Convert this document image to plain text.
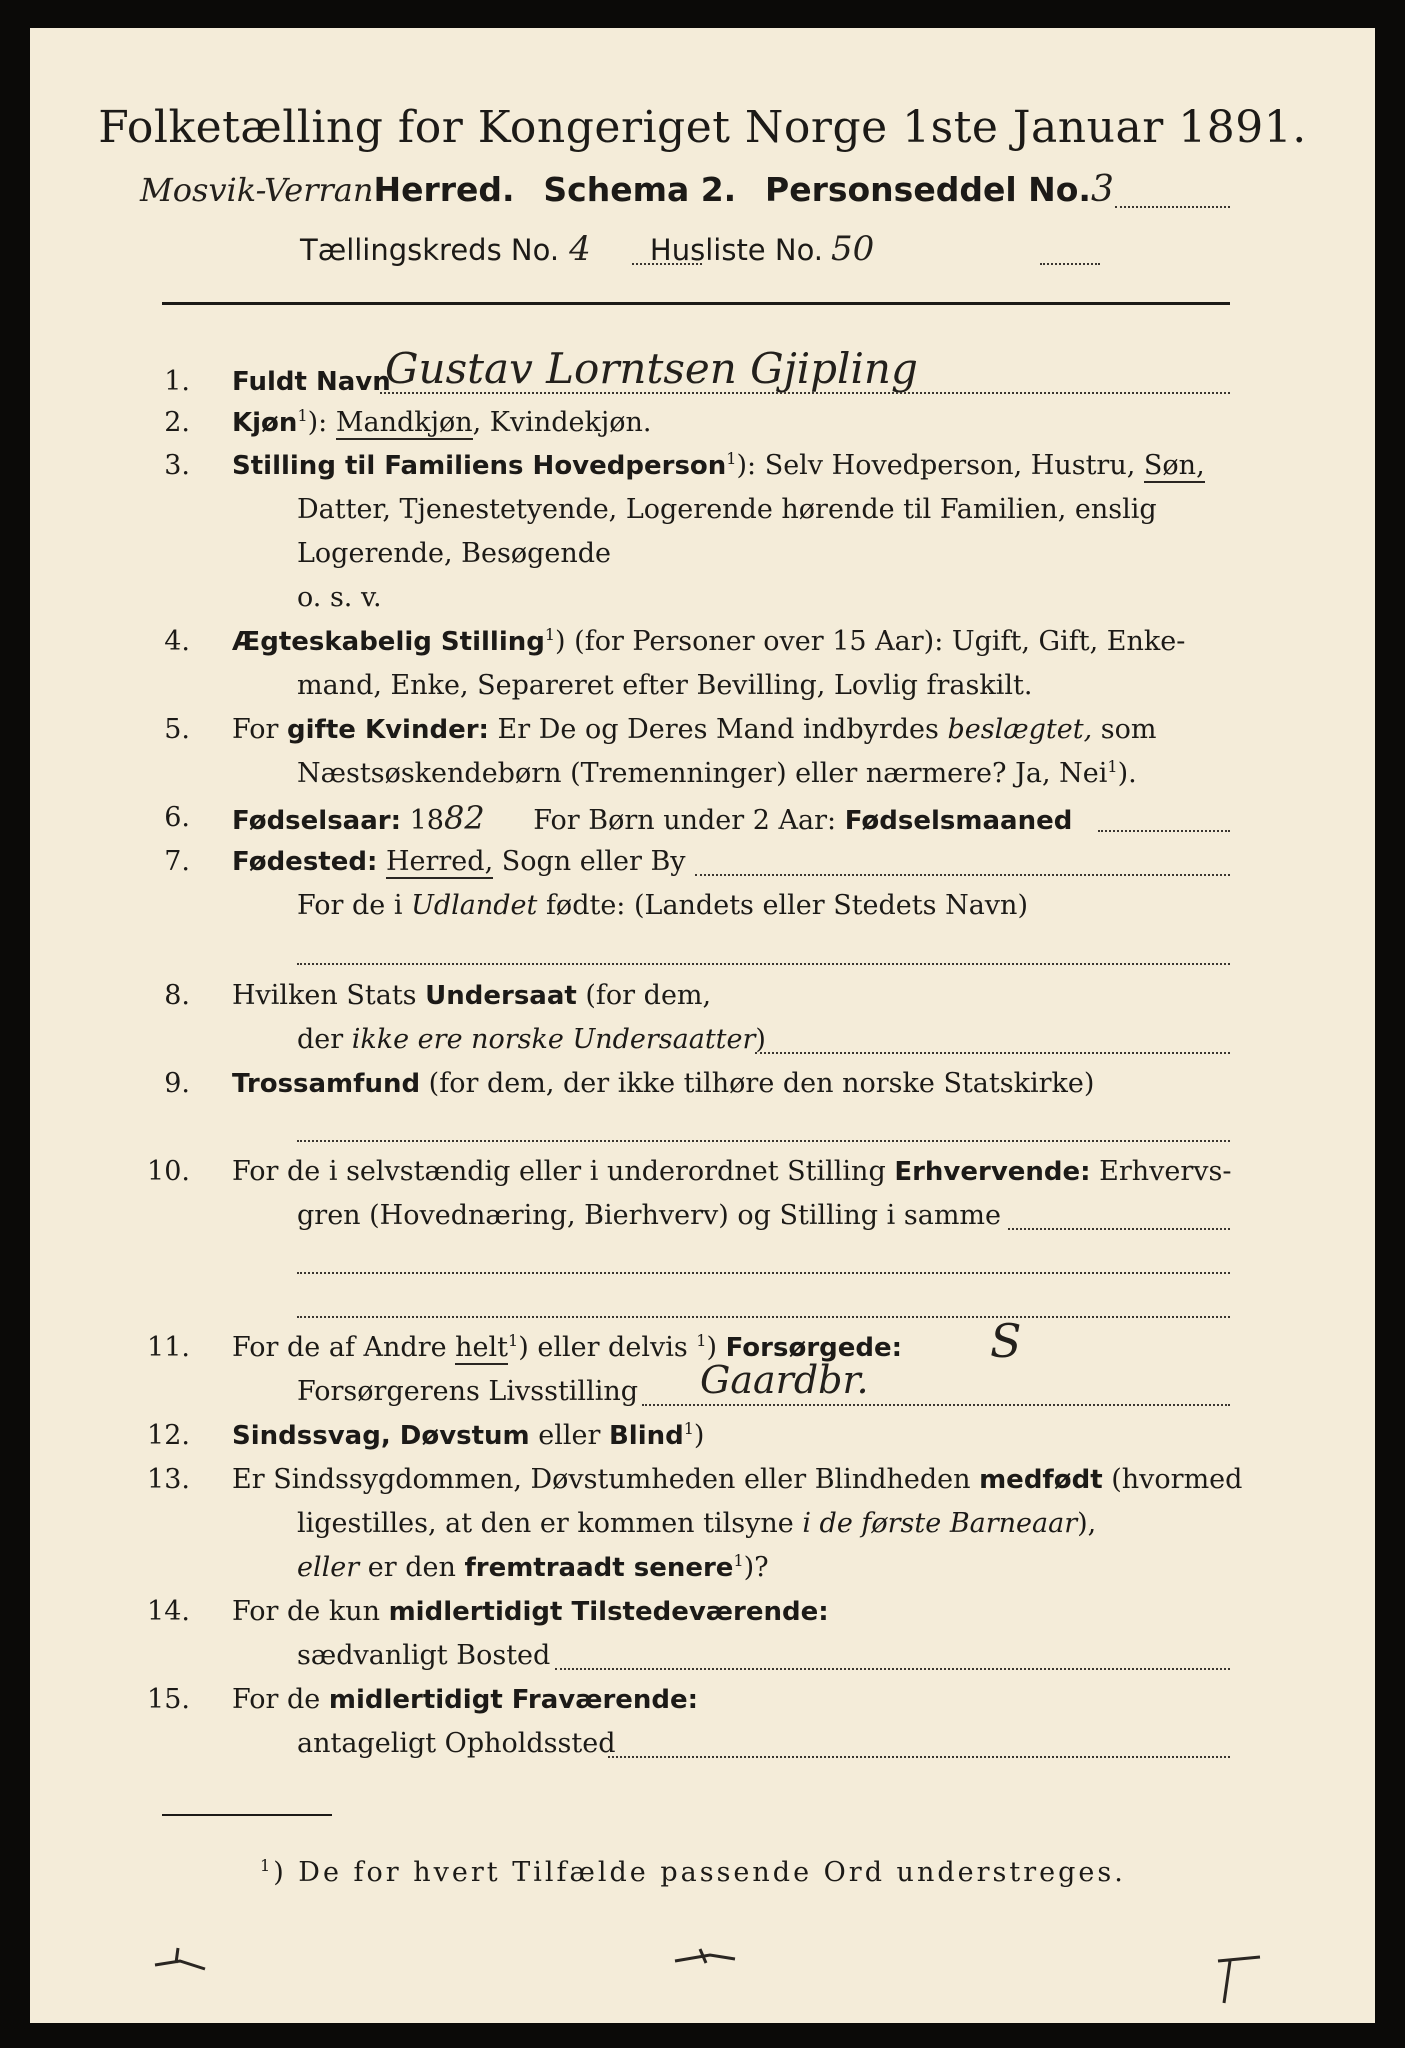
Folketælling for Kongeriget Norge 1ste Januar 1891.
Mosvik-VerranHerred. Schema 2. Personseddel No.3
Tællingskreds No. 4 Husliste No. 50
1. Fuldt Navn
Gustav Lorntsen Gjipling
2. Kjøn$^1$): Mandkjøn, Kvindekjøn.
3. Stilling til Familiens Hovedperson$^1$): Selv Hovedperson, Hustru, Søn,
Datter, Tjenestetyende, Logerende hørende til Familien, enslig
Logerende, Besøgende
o. s. v.
4. Ægteskabelig Stilling$^1$) (for Personer over 15 Aar): Ugift, Gift, Enke-
mand, Enke, Separeret efter Bevilling, Lovlig fraskilt.
5. For gifte Kvinder: Er De og Deres Mand indbyrdes beslægtet, som
Næstsøskendebørn (Tremenninger) eller nærmere? Ja, Nei$^1$).
6. Fødselsaar: 1882 For Børn under 2 Aar: Fødselsmaaned
7. Fødested: Herred, Sogn eller By
For de i Udlandet fødte: (Landets eller Stedets Navn)
8. Hvilken Stats Undersaat (for dem,
der ikke ere norske Undersaatter)
9. Trossamfund (for dem, der ikke tilhøre den norske Statskirke)
10. For de i selvstændig eller i underordnet Stilling Erhvervende: Erhvervs-
gren (Hovednæring, Bierhverv) og Stilling i samme
11. For de af Andre helt$^1$) eller delvis $^1$) Forsørgede: S
Forsørgerens Livsstilling Gaardbr.
12. Sindssvag, Døvstum eller Blind$^1$)
13. Er Sindssygdommen, Døvstumheden eller Blindheden medfødt (hvormed
ligestilles, at den er kommen tilsyne i de første Barneaar),
eller er den fremtraadt senere$^1$)?
14. For de kun midlertidigt Tilstedeværende:
sædvanligt Bosted
15. For de midlertidigt Fraværende:
antageligt Opholdssted
$^1$) De for hvert Tilfælde passende Ord understreges.
